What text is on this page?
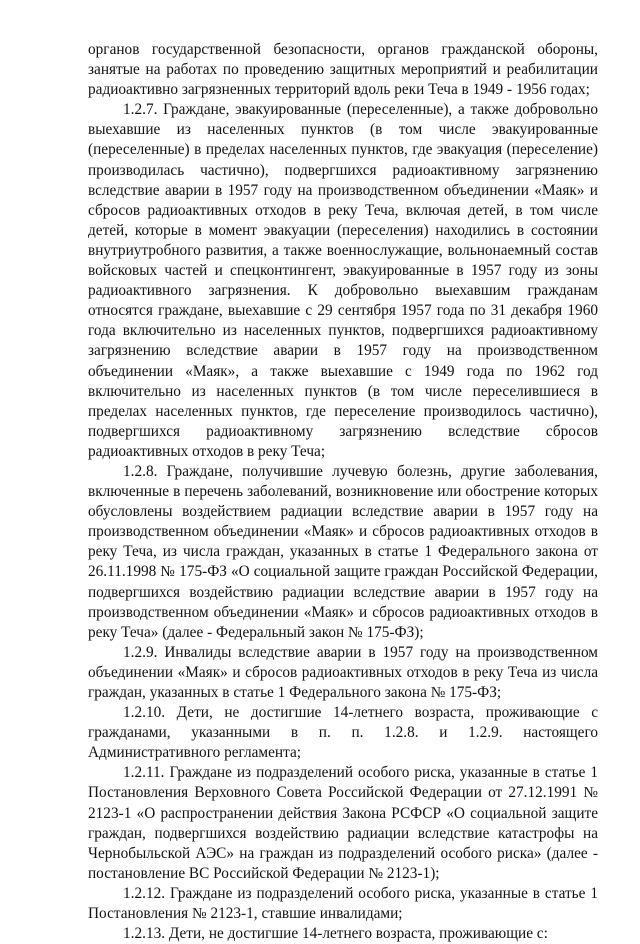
органов государственной безопасности, органов гражданской обороны, занятые на работах по проведению защитных мероприятий и реабилитации радиоактивно загрязненных территорий вдоль реки Теча в 1949 - 1956 годах;

1.2.7. Граждане, эвакуированные (переселенные), а также добровольно выехавшие из населенных пунктов (в том числе эвакуированные (переселенные) в пределах населенных пунктов, где эвакуация (переселение) производилась частично), подвергшихся радиоактивному загрязнению вследствие аварии в 1957 году на производственном объединении «Маяк» и сбросов радиоактивных отходов в реку Теча, включая детей, в том числе детей, которые в момент эвакуации (переселения) находились в состоянии внутриутробного развития, а также военнослужащие, вольнонаемный состав войсковых частей и спецконтингент, эвакуированные в 1957 году из зоны радиоактивного загрязнения. К добровольно выехавшим гражданам относятся граждане, выехавшие с 29 сентября 1957 года по 31 декабря 1960 года включительно из населенных пунктов, подвергшихся радиоактивному загрязнению вследствие аварии в 1957 году на производственном объединении «Маяк», а также выехавшие с 1949 года по 1962 год включительно из населенных пунктов (в том числе переселившиеся в пределах населенных пунктов, где переселение производилось частично), подвергшихся радиоактивному загрязнению вследствие сбросов радиоактивных отходов в реку Теча;

1.2.8. Граждане, получившие лучевую болезнь, другие заболевания, включенные в перечень заболеваний, возникновение или обострение которых обусловлены воздействием радиации вследствие аварии в 1957 году на производственном объединении «Маяк» и сбросов радиоактивных отходов в реку Теча, из числа граждан, указанных в статье 1 Федерального закона от 26.11.1998 № 175-ФЗ «О социальной защите граждан Российской Федерации, подвергшихся воздействию радиации вследствие аварии в 1957 году на производственном объединении «Маяк» и сбросов радиоактивных отходов в реку Теча» (далее - Федеральный закон № 175-ФЗ);

1.2.9. Инвалиды вследствие аварии в 1957 году на производственном объединении «Маяк» и сбросов радиоактивных отходов в реку Теча из числа граждан, указанных в статье 1 Федерального закона № 175-ФЗ;

1.2.10. Дети, не достигшие 14-летнего возраста, проживающие с гражданами, указанными в п. п. 1.2.8. и 1.2.9. настоящего Административного регламента;

1.2.11. Граждане из подразделений особого риска, указанные в статье 1 Постановления Верховного Совета Российской Федерации от 27.12.1991 № 2123-1 «О распространении действия Закона РСФСР «О социальной защите граждан, подвергшихся воздействию радиации вследствие катастрофы на Чернобыльской АЭС» на граждан из подразделений особого риска» (далее - постановление ВС Российской Федерации № 2123-1);

1.2.12. Граждане из подразделений особого риска, указанные в статье 1 Постановления № 2123-1, ставшие инвалидами;

1.2.13. Дети, не достигшие 14-летнего возраста, проживающие с:
